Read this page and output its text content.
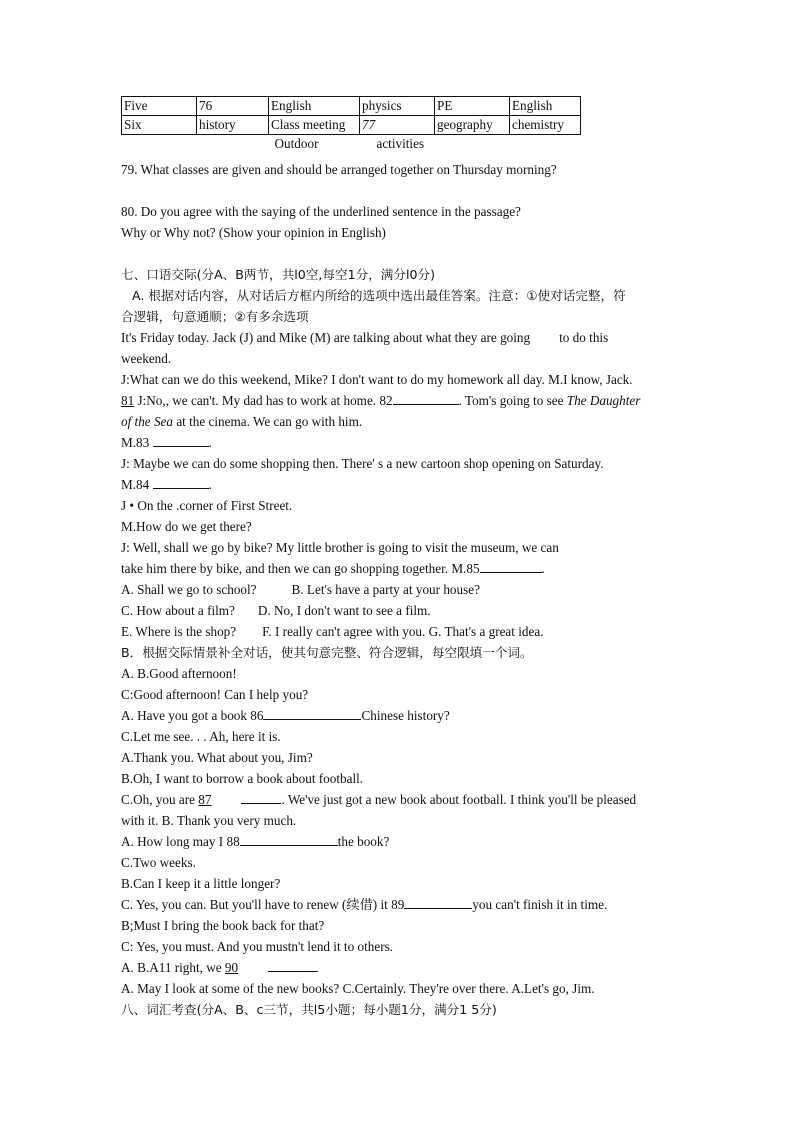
Five	76	English	physics	PE	English
Six	history	Class meeting	77	geography	chemistry
		Outdoor activities			
79. What classes are given and should be arranged together on Thursday morning?
80. Do you agree with the saying of the underlined sentence in the passage?
Why or Why not? (Show your opinion in English)
七、口语交际(分A、B两节，共l0空,每空1分，满分l0分)
A. 根据对话内容，从对话后方框内所给的选项中选出最佳答案。注意：①使对话完整，符
合逻辑，句意通顺；②有多余选项
It's Friday today. Jack (J) and Mike (M) are talking about what they are going to do this
weekend.
J:What can we do this weekend, Mike? I don't want to do my homework all day. M.I know, Jack.
81 J:No,, we can't. My dad has to work at home. 82	. Tom's going to see The Daughter
of the Sea at the cinema. We can go with him.
M.83	.
J: Maybe we can do some shopping then. There' s a new cartoon shop opening on Saturday.
M.84	.
J • On the .corner of First Street.
M.How do we get there?
J: Well, shall we go by bike? My little brother is going to visit the museum, we can
take him there by bike, and then we can go shopping together. M.85	.
A. Shall we go to school?	B. Let's have a party at your house?
C. How about a film? D. No, I don't want to see a film.
E. Where is the shop? F. I really can't agree with you. G. That's a great idea.
B．根据交际情景补全对话，使其句意完整、符合逻辑，每空限填一个词。
A. B.Good afternoon!
C:Good afternoon! Can I help you?
A. Have you got a book 86	Chinese history?
C.Let me see. . . Ah, here it is.
A.Thank you. What about you, Jim?
B.Oh, I want to borrow a book about football.
C.Oh, you are 87	. We've just got a new book about football. I think you'll be pleased
with it. B. Thank you very much.
A. How long may I 88	the book?
C.Two weeks.
B.Can I keep it a little longer?
C. Yes, you can. But you'll have to renew (续借) it 89	you can't finish it in time.
B;Must I bring the book back for that?
C: Yes, you must. And you mustn't lend it to others.
A. B.A11 right, we 90
A. May I look at some of the new books? C.Certainly. They're over there. A.Let's go, Jim.
八、词汇考查(分A、B、c三节，共l5小题；每小题1分，满分1 5分)
